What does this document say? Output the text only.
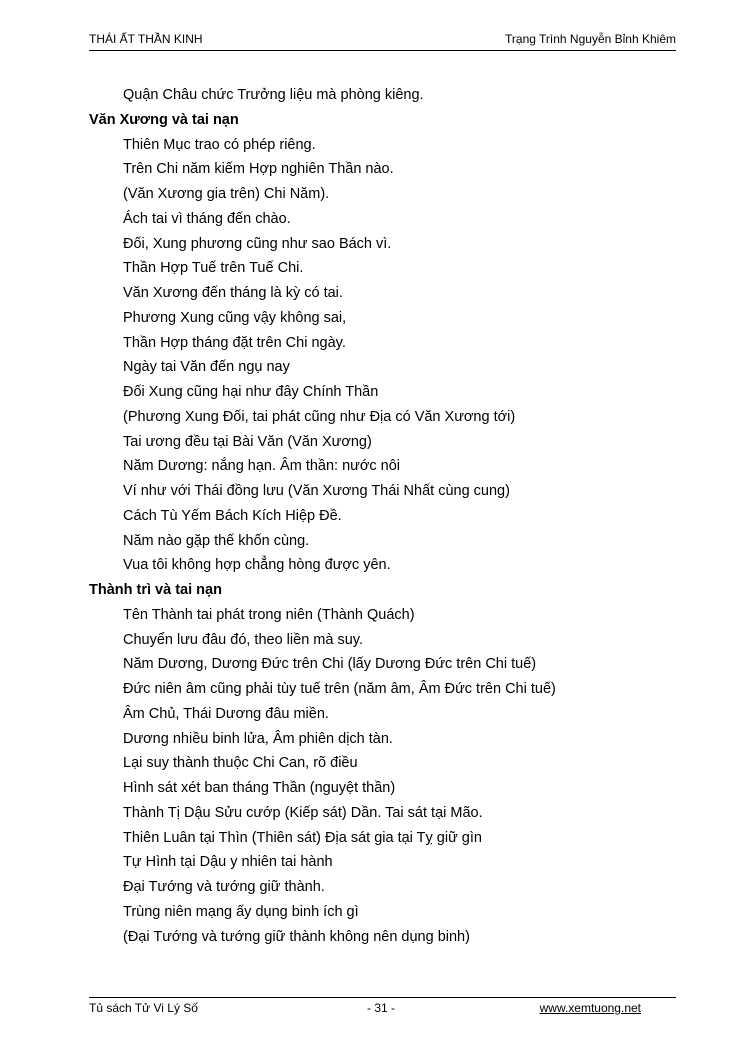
THÁI ẤT THẦN KINH	Trạng Trình Nguyễn Bỉnh Khiêm
Quận Châu chức Trưởng liệu mà phòng kiêng.
Văn Xương và tai nạn
Thiên Mục trao có phép riêng.
Trên Chi năm kiếm Hợp nghiên Thần nào.
(Văn Xương gia trên) Chi Năm).
Ách tai vì tháng đến chào.
Đối, Xung phương cũng như sao Bách vì.
Thần Hợp Tuế trên Tuế Chi.
Văn Xương đến tháng là kỳ có tai.
Phương Xung cũng vậy không sai,
Thần Hợp tháng đặt trên Chi ngày.
Ngày tai Văn đến ngụ nay
Đối Xung cũng hại như đây Chính Thần
(Phương Xung Đối, tai phát cũng như Địa có Văn Xương tới)
Tai ương đều tại Bài Văn (Văn Xương)
Năm Dương: nắng hạn. Âm thần: nước nôi
Ví như với Thái đồng lưu (Văn Xương Thái Nhất cùng cung)
Cách Tù Yếm Bách Kích Hiệp Đề.
Năm nào gặp thế khốn cùng.
Vua tôi không hợp chẳng hòng được yên.
Thành trì và tai nạn
Tên Thành tai phát trong niên (Thành Quách)
Chuyển lưu đâu đó, theo liền mà suy.
Năm Dương, Dương Đức trên Chi (lấy Dương Đức trên Chi tuế)
Đức niên âm cũng phải tùy tuế trên (năm âm, Âm Đức trên Chi tuế)
Âm Chủ, Thái Dương đâu miền.
Dương nhiều binh lửa, Âm phiên dịch tàn.
Lại suy thành thuộc Chi Can, rõ điều
Hình sát xét ban tháng Thần (nguyệt thần)
Thành Tị Dậu Sửu cướp (Kiếp sát) Dần. Tai sát tại Mão.
Thiên Luân tại Thìn (Thiên sát) Địa sát gia tại Tỵ giữ gìn
Tự Hình tại Dậu y nhiên tai hành
Đại Tướng và tướng giữ thành.
Trùng niên mạng ấy dụng binh ích gì
(Đại Tướng và tướng giữ thành không nên dụng binh)
Tủ sách Tử Vi Lý Số	- 31 -	www.xemtuong.net
